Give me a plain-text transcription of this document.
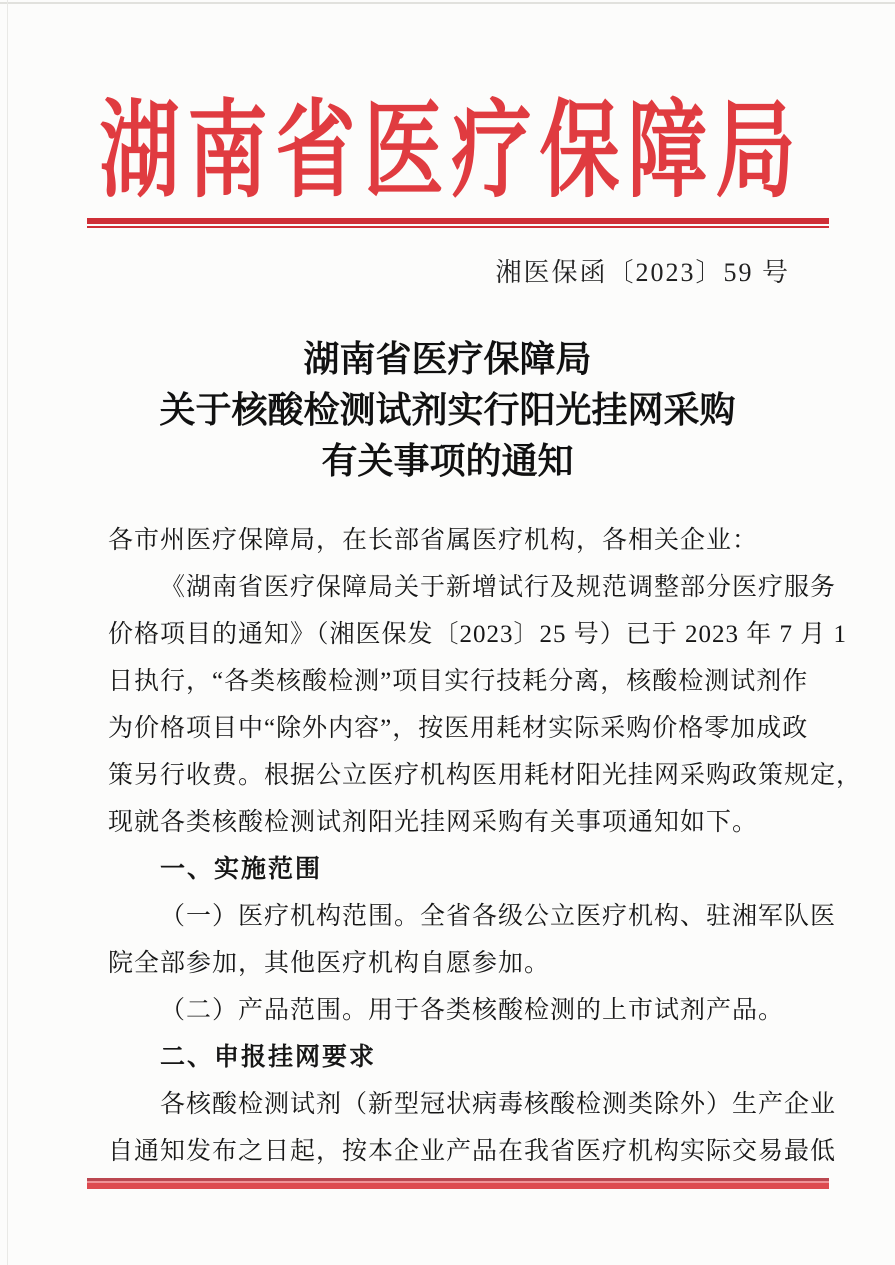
湖南省医疗保障局
湘医保函〔2023〕59 号
湖南省医疗保障局
关于核酸检测试剂实行阳光挂网采购
有关事项的通知
各市州医疗保障局，在长部省属医疗机构，各相关企业：
《湖南省医疗保障局关于新增试行及规范调整部分医疗服务
价格项目的通知》（湘医保发〔2023〕25 号）已于 2023 年 7 月 1
日执行，“各类核酸检测”项目实行技耗分离，核酸检测试剂作
为价格项目中“除外内容”，按医用耗材实际采购价格零加成政
策另行收费。根据公立医疗机构医用耗材阳光挂网采购政策规定，
现就各类核酸检测试剂阳光挂网采购有关事项通知如下。
一、实施范围
（一）医疗机构范围。全省各级公立医疗机构、驻湘军队医
院全部参加，其他医疗机构自愿参加。
（二）产品范围。用于各类核酸检测的上市试剂产品。
二、申报挂网要求
各核酸检测试剂（新型冠状病毒核酸检测类除外）生产企业
自通知发布之日起，按本企业产品在我省医疗机构实际交易最低
